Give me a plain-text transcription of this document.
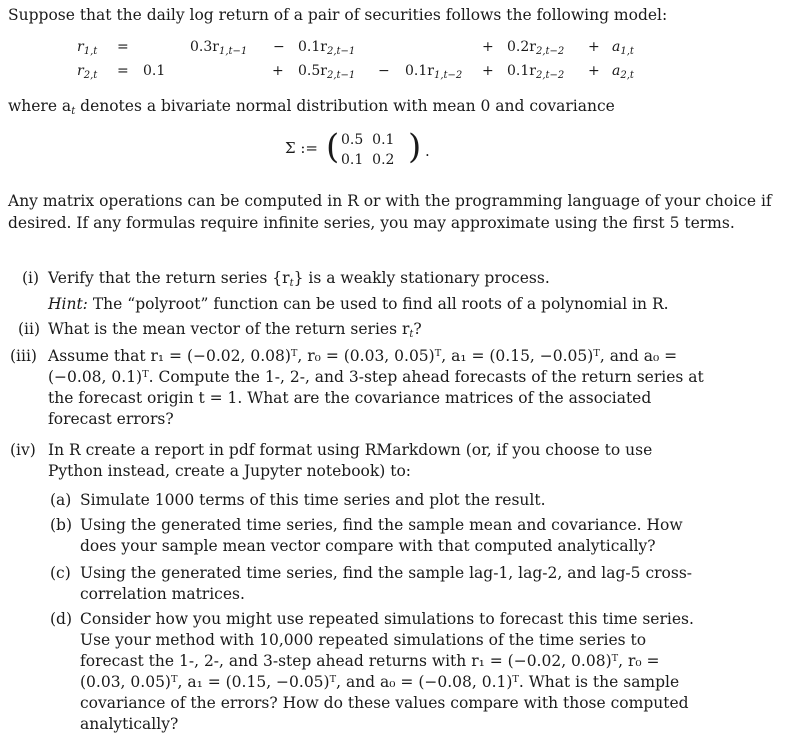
Suppose that the daily log return of a pair of securities follows the following model:
$r_{1,t}$ =	$0.3r_{1,t-1} - 0.1r_{2,t-1}$	+ $0.2r_{2,t-2} + a_{1,t}$
$r_{2,t} = 0.1$	+ $0.5r_{2,t-1} - 0.1r_{1,t-2} + 0.1r_{2,t-2} + a_{2,t}$
where $a_t$ denotes a bivariate normal distribution with mean 0 and covariance
Σ := ( 0.5 0.1
0.1 0.2 ) .
Any matrix operations can be computed in R or with the programming language of your choice if desired. If any formulas require infinite series, you may approximate using the first 5 terms.
(i) Verify that the return series $\{r_t\}$ is a weakly stationary process.
Hint: The “polyroot” function can be used to find all roots of a polynomial in R.
(ii) What is the mean vector of the return series $r_t$?
(iii) Assume that r₁ = (−0.02, 0.08)ᵀ, r₀ = (0.03, 0.05)ᵀ, a₁ = (0.15, −0.05)ᵀ, and a₀ = (−0.08, 0.1)ᵀ. Compute the 1-, 2-, and 3-step ahead forecasts of the return series at the forecast origin t = 1. What are the covariance matrices of the associated forecast errors?
(iv) In R create a report in pdf format using RMarkdown (or, if you choose to use Python instead, create a Jupyter notebook) to:
(a) Simulate 1000 terms of this time series and plot the result.
(b) Using the generated time series, find the sample mean and covariance. How does your sample mean vector compare with that computed analytically?
(c) Using the generated time series, find the sample lag-1, lag-2, and lag-5 cross-correlation matrices.
(d) Consider how you might use repeated simulations to forecast this time series. Use your method with 10,000 repeated simulations of the time series to forecast the 1-, 2-, and 3-step ahead returns with r₁ = (−0.02, 0.08)ᵀ, r₀ = (0.03, 0.05)ᵀ, a₁ = (0.15, −0.05)ᵀ, and a₀ = (−0.08, 0.1)ᵀ. What is the sample covariance of the errors? How do these values compare with those computed analytically?
